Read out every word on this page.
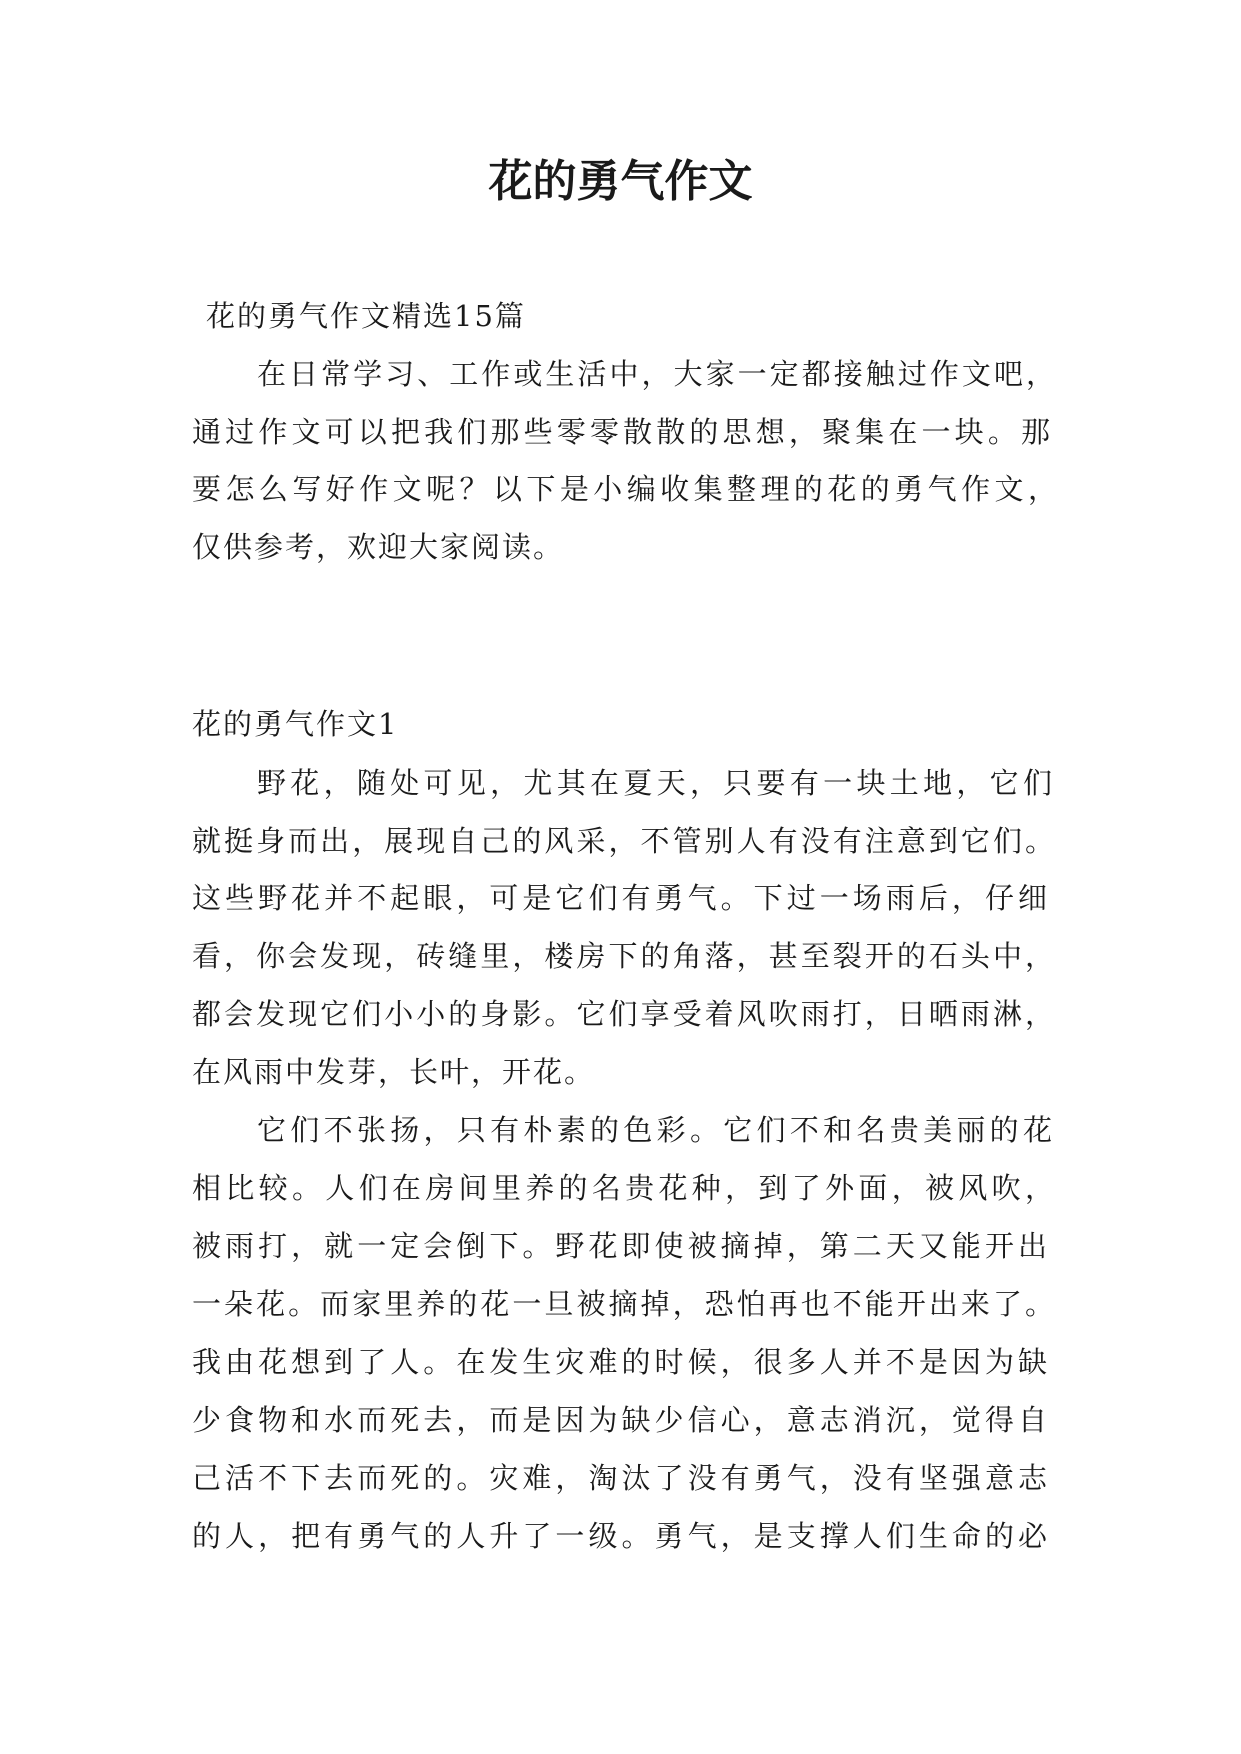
花的勇气作文

花的勇气作文精选15篇

在日常学习、工作或生活中，大家一定都接触过作文吧，

通过作文可以把我们那些零零散散的思想，聚集在一块。那

要怎么写好作文呢？以下是小编收集整理的花的勇气作文，

仅供参考，欢迎大家阅读。

花的勇气作文1

野花，随处可见，尤其在夏天，只要有一块土地，它们

就挺身而出，展现自己的风采，不管别人有没有注意到它们。

这些野花并不起眼，可是它们有勇气。下过一场雨后，仔细

看，你会发现，砖缝里，楼房下的角落，甚至裂开的石头中，

都会发现它们小小的身影。它们享受着风吹雨打，日晒雨淋，

在风雨中发芽，长叶，开花。

它们不张扬，只有朴素的色彩。它们不和名贵美丽的花

相比较。人们在房间里养的名贵花种，到了外面，被风吹，

被雨打，就一定会倒下。野花即使被摘掉，第二天又能开出

一朵花。而家里养的花一旦被摘掉，恐怕再也不能开出来了。

我由花想到了人。在发生灾难的时候，很多人并不是因为缺

少食物和水而死去，而是因为缺少信心，意志消沉，觉得自

己活不下去而死的。灾难，淘汰了没有勇气，没有坚强意志

的人，把有勇气的人升了一级。勇气，是支撑人们生命的必
